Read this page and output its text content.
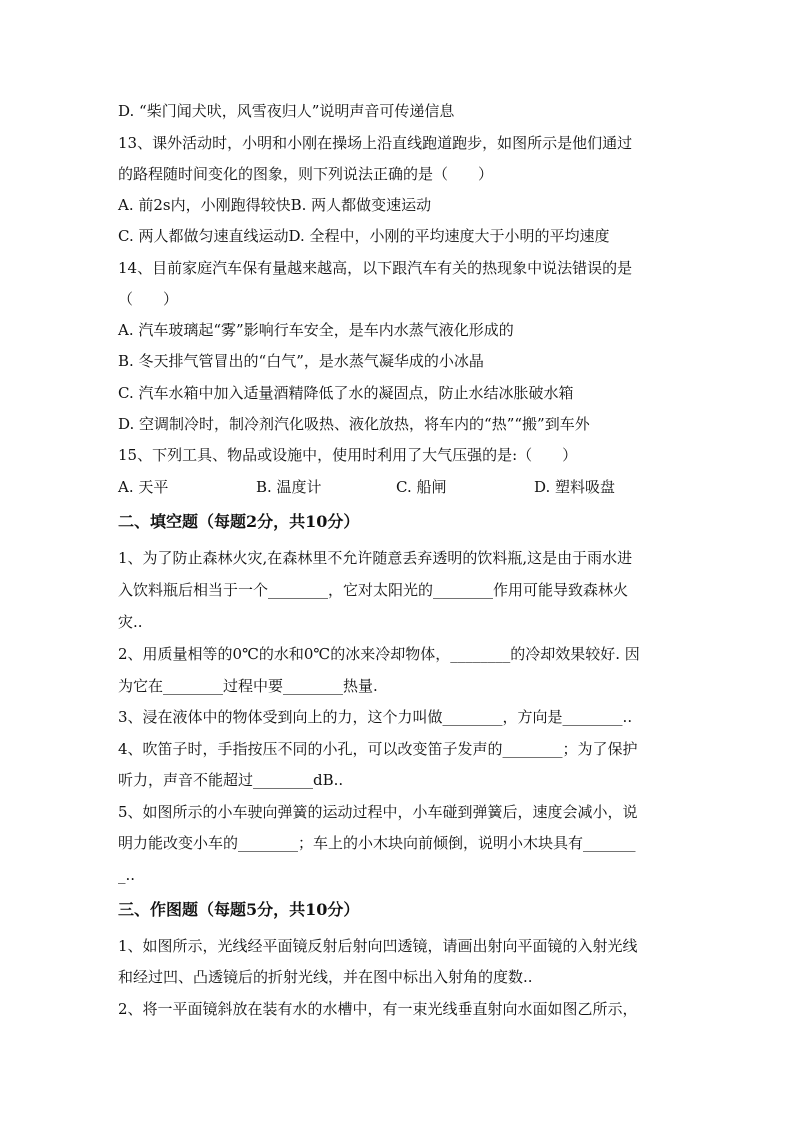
D. “柴门闻犬吠，风雪夜归人”说明声音可传递信息
13、课外活动时，小明和小刚在操场上沿直线跑道跑步，如图所示是他们通过
的路程随时间变化的图象，则下列说法正确的是（　　）
A. 前2s内，小刚跑得较快B. 两人都做变速运动
C. 两人都做匀速直线运动D. 全程中，小刚的平均速度大于小明的平均速度
14、目前家庭汽车保有量越来越高，以下跟汽车有关的热现象中说法错误的是
（　　）
A. 汽车玻璃起“雾”影响行车安全，是车内水蒸气液化形成的
B. 冬天排气管冒出的“白气”，是水蒸气凝华成的小冰晶
C. 汽车水箱中加入适量酒精降低了水的凝固点，防止水结冰胀破水箱
D. 空调制冷时，制冷剂汽化吸热、液化放热，将车内的“热”“搬”到车外
15、下列工具、物品或设施中，使用时利用了大气压强的是:（　　）
A. 天平	B. 温度计	C. 船闸	D. 塑料吸盘
二、填空题（每题2分，共10分）
1、为了防止森林火灾,在森林里不允许随意丢弃透明的饮料瓶,这是由于雨水进
入饮料瓶后相当于一个________，它对太阳光的________作用可能导致森林火
灾..
2、用质量相等的0℃的水和0℃的冰来冷却物体，________的冷却效果较好. 因
为它在________过程中要________热量.
3、浸在液体中的物体受到向上的力，这个力叫做________，方向是________..
4、吹笛子时，手指按压不同的小孔，可以改变笛子发声的________；为了保护
听力，声音不能超过________dB..
5、如图所示的小车驶向弹簧的运动过程中，小车碰到弹簧后，速度会减小，说
明力能改变小车的________；车上的小木块向前倾倒，说明小木块具有_______
_..
三、作图题（每题5分，共10分）
1、如图所示，光线经平面镜反射后射向凹透镜，请画出射向平面镜的入射光线
和经过凹、凸透镜后的折射光线，并在图中标出入射角的度数..
2、将一平面镜斜放在装有水的水槽中，有一束光线垂直射向水面如图乙所示，
